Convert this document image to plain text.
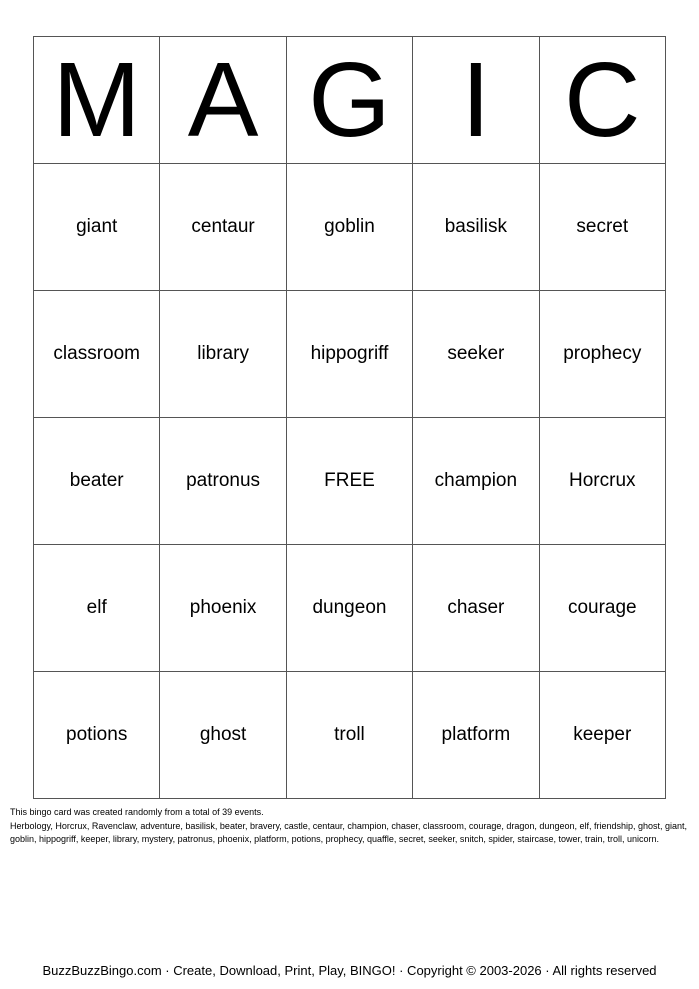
M	A	G	I	C
giant	centaur	goblin	basilisk	secret
classroom	library	hippogriff	seeker	prophecy
beater	patronus	FREE	champion	Horcrux
elf	phoenix	dungeon	chaser	courage
potions	ghost	troll	platform	keeper
This bingo card was created randomly from a total of 39 events.
Herbology, Horcrux, Ravenclaw, adventure, basilisk, beater, bravery, castle, centaur, champion, chaser, classroom, courage, dragon, dungeon, elf, friendship, ghost, giant, goblin, hippogriff, keeper, library, mystery, patronus, phoenix, platform, potions, prophecy, quaffle, secret, seeker, snitch, spider, staircase, tower, train, troll, unicorn.
BuzzBuzzBingo.com · Create, Download, Print, Play, BINGO! · Copyright © 2003-2026 · All rights reserved
